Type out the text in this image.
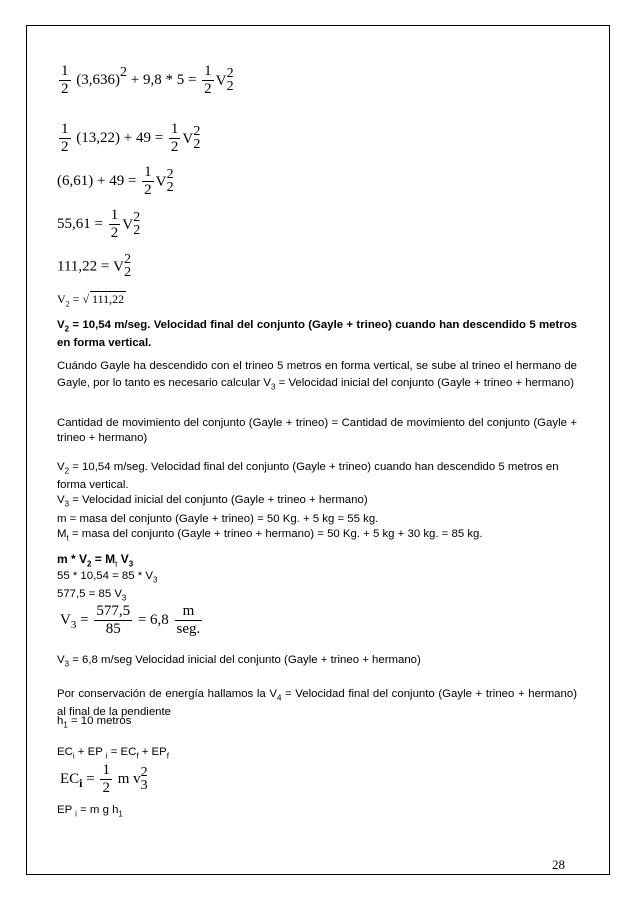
$\frac{1}{2} (3,636)2 + 9,8 * 5 = \frac{1}{2}$ V 2
2
$\frac{1}{2} (13,22) + 49 = \frac{1}{2}$ V 2
2
$(6,61) + 49 = \frac{1}{2}$ V 2
2
$55,61 = \frac{1}{2}$ V 2
2
111,22 = V 2
2
$V_2$ = √ 111,22
$V_2 = 10,54$ m/seg. Velocidad final del conjunto (Gayle + trineo) cuando han descendido 5 metros en forma vertical.
Cuándo Gayle ha descendido con el trineo 5 metros en forma vertical, se sube al trineo el hermano de Gayle, por lo tanto es necesario calcular $V_3$ = Velocidad inicial del conjunto (Gayle + trineo + hermano)
Cantidad de movimiento del conjunto (Gayle + trineo) = Cantidad de movimiento del conjunto (Gayle + trineo + hermano)
$V_2 = 10,54$ m/seg. Velocidad final del conjunto (Gayle + trineo) cuando han descendido 5 metros en forma vertical.
$V_3$ = Velocidad inicial del conjunto (Gayle + trineo + hermano)
m = masa del conjunto (Gayle + trineo) = 50 Kg. + 5 kg = 55 kg.
$M_t$ = masa del conjunto (Gayle + trineo + hermano) = 50 Kg. + 5 kg + 30 kg. = 85 kg.
$m * V_2 = M_t$ $V_3$
$55 * 10,54 = 85 * V_3$
577,5 = 85 $V_3$
$V_3 = \frac{577,5}{85} = 6,8 \frac{m}{\text{seg.}}$
$V_3 = 6,8$ m/seg Velocidad inicial del conjunto (Gayle + trineo + hermano)
Por conservación de energía hallamos la $V_4$ = Velocidad final del conjunto (Gayle + trineo + hermano) al final de la pendiente
$h_1 = 10$ metros
$EC_i$ + EP $_i = EC_f + EP_f$
$EC_i = \frac{1}{2}$ m v 2
3
EP $_i$ = m g $h_1$
28
